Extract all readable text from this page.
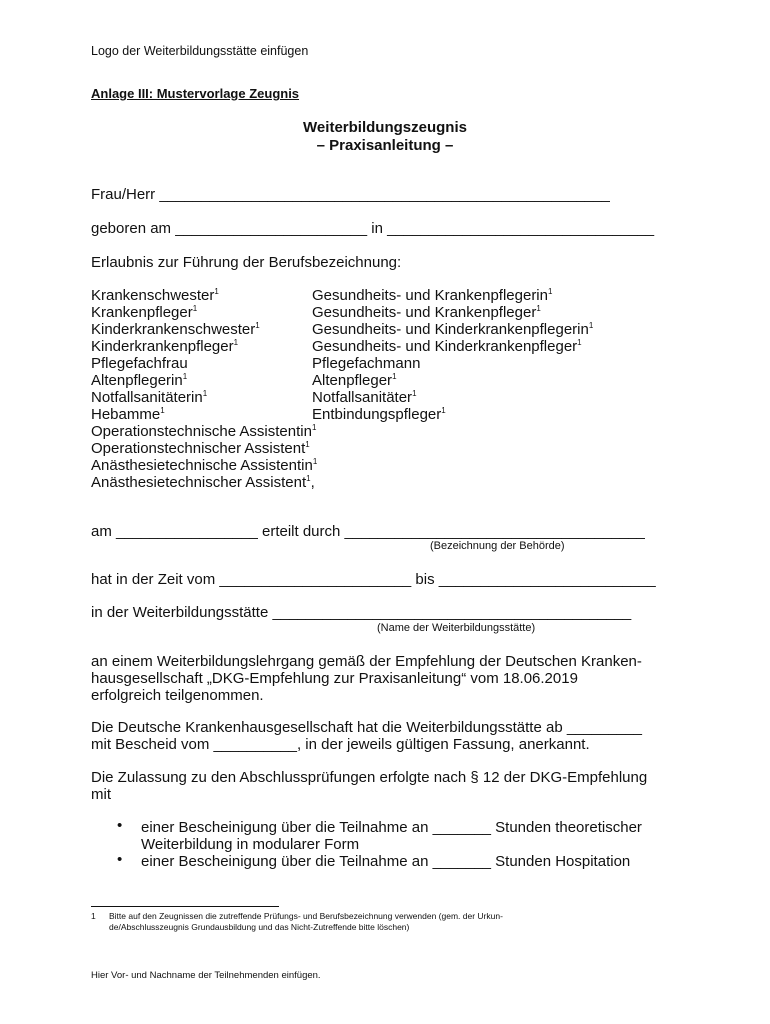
Logo der Weiterbildungsstätte einfügen
Anlage III: Mustervorlage Zeugnis
Weiterbildungszeugnis
– Praxisanleitung –
Frau/Herr ______________________________________________________
geboren am _______________________ in ________________________________
Erlaubnis zur Führung der Berufsbezeichnung:
Krankenschwester$^1$
Krankenpfleger$^1$
Kinderkrankenschwester$^1$
Kinderkrankenpfleger$^1$
Pflegefachfrau
Altenpflegerin$^1$
Notfallsanitäterin$^1$
Hebamme$^1$
Gesundheits- und Krankenpflegerin$^1$
Gesundheits- und Krankenpfleger$^1$
Gesundheits- und Kinderkrankenpflegerin$^1$
Gesundheits- und Kinderkrankenpfleger$^1$
Pflegefachmann
Altenpfleger$^1$
Notfallsanitäter$^1$
Entbindungspfleger$^1$
Operationstechnische Assistentin$^1$
Operationstechnischer Assistent$^1$
Anästhesietechnische Assistentin$^1$
Anästhesietechnischer Assistent$^1$,
am _________________ erteilt durch ____________________________________
(Bezeichnung der Behörde)
hat in der Zeit vom _______________________ bis __________________________
in der Weiterbildungsstätte ___________________________________________
(Name der Weiterbildungsstätte)
an einem Weiterbildungslehrgang gemäß der Empfehlung der Deutschen Kranken-
hausgesellschaft „DKG-Empfehlung zur Praxisanleitung“ vom 18.06.2019
erfolgreich teilgenommen.
Die Deutsche Krankenhausgesellschaft hat die Weiterbildungsstätte ab _________
mit Bescheid vom __________, in der jeweils gültigen Fassung, anerkannt.
Die Zulassung zu den Abschlussprüfungen erfolgte nach § 12 der DKG-Empfehlung
mit
• einer Bescheinigung über die Teilnahme an _______ Stunden theoretischer
Weiterbildung in modularer Form
• einer Bescheinigung über die Teilnahme an _______ Stunden Hospitation
1 Bitte auf den Zeugnissen die zutreffende Prüfungs- und Berufsbezeichnung verwenden (gem. der Urkun-
de/Abschlusszeugnis Grundausbildung und das Nicht-Zutreffende bitte löschen)
Hier Vor- und Nachname der Teilnehmenden einfügen.
